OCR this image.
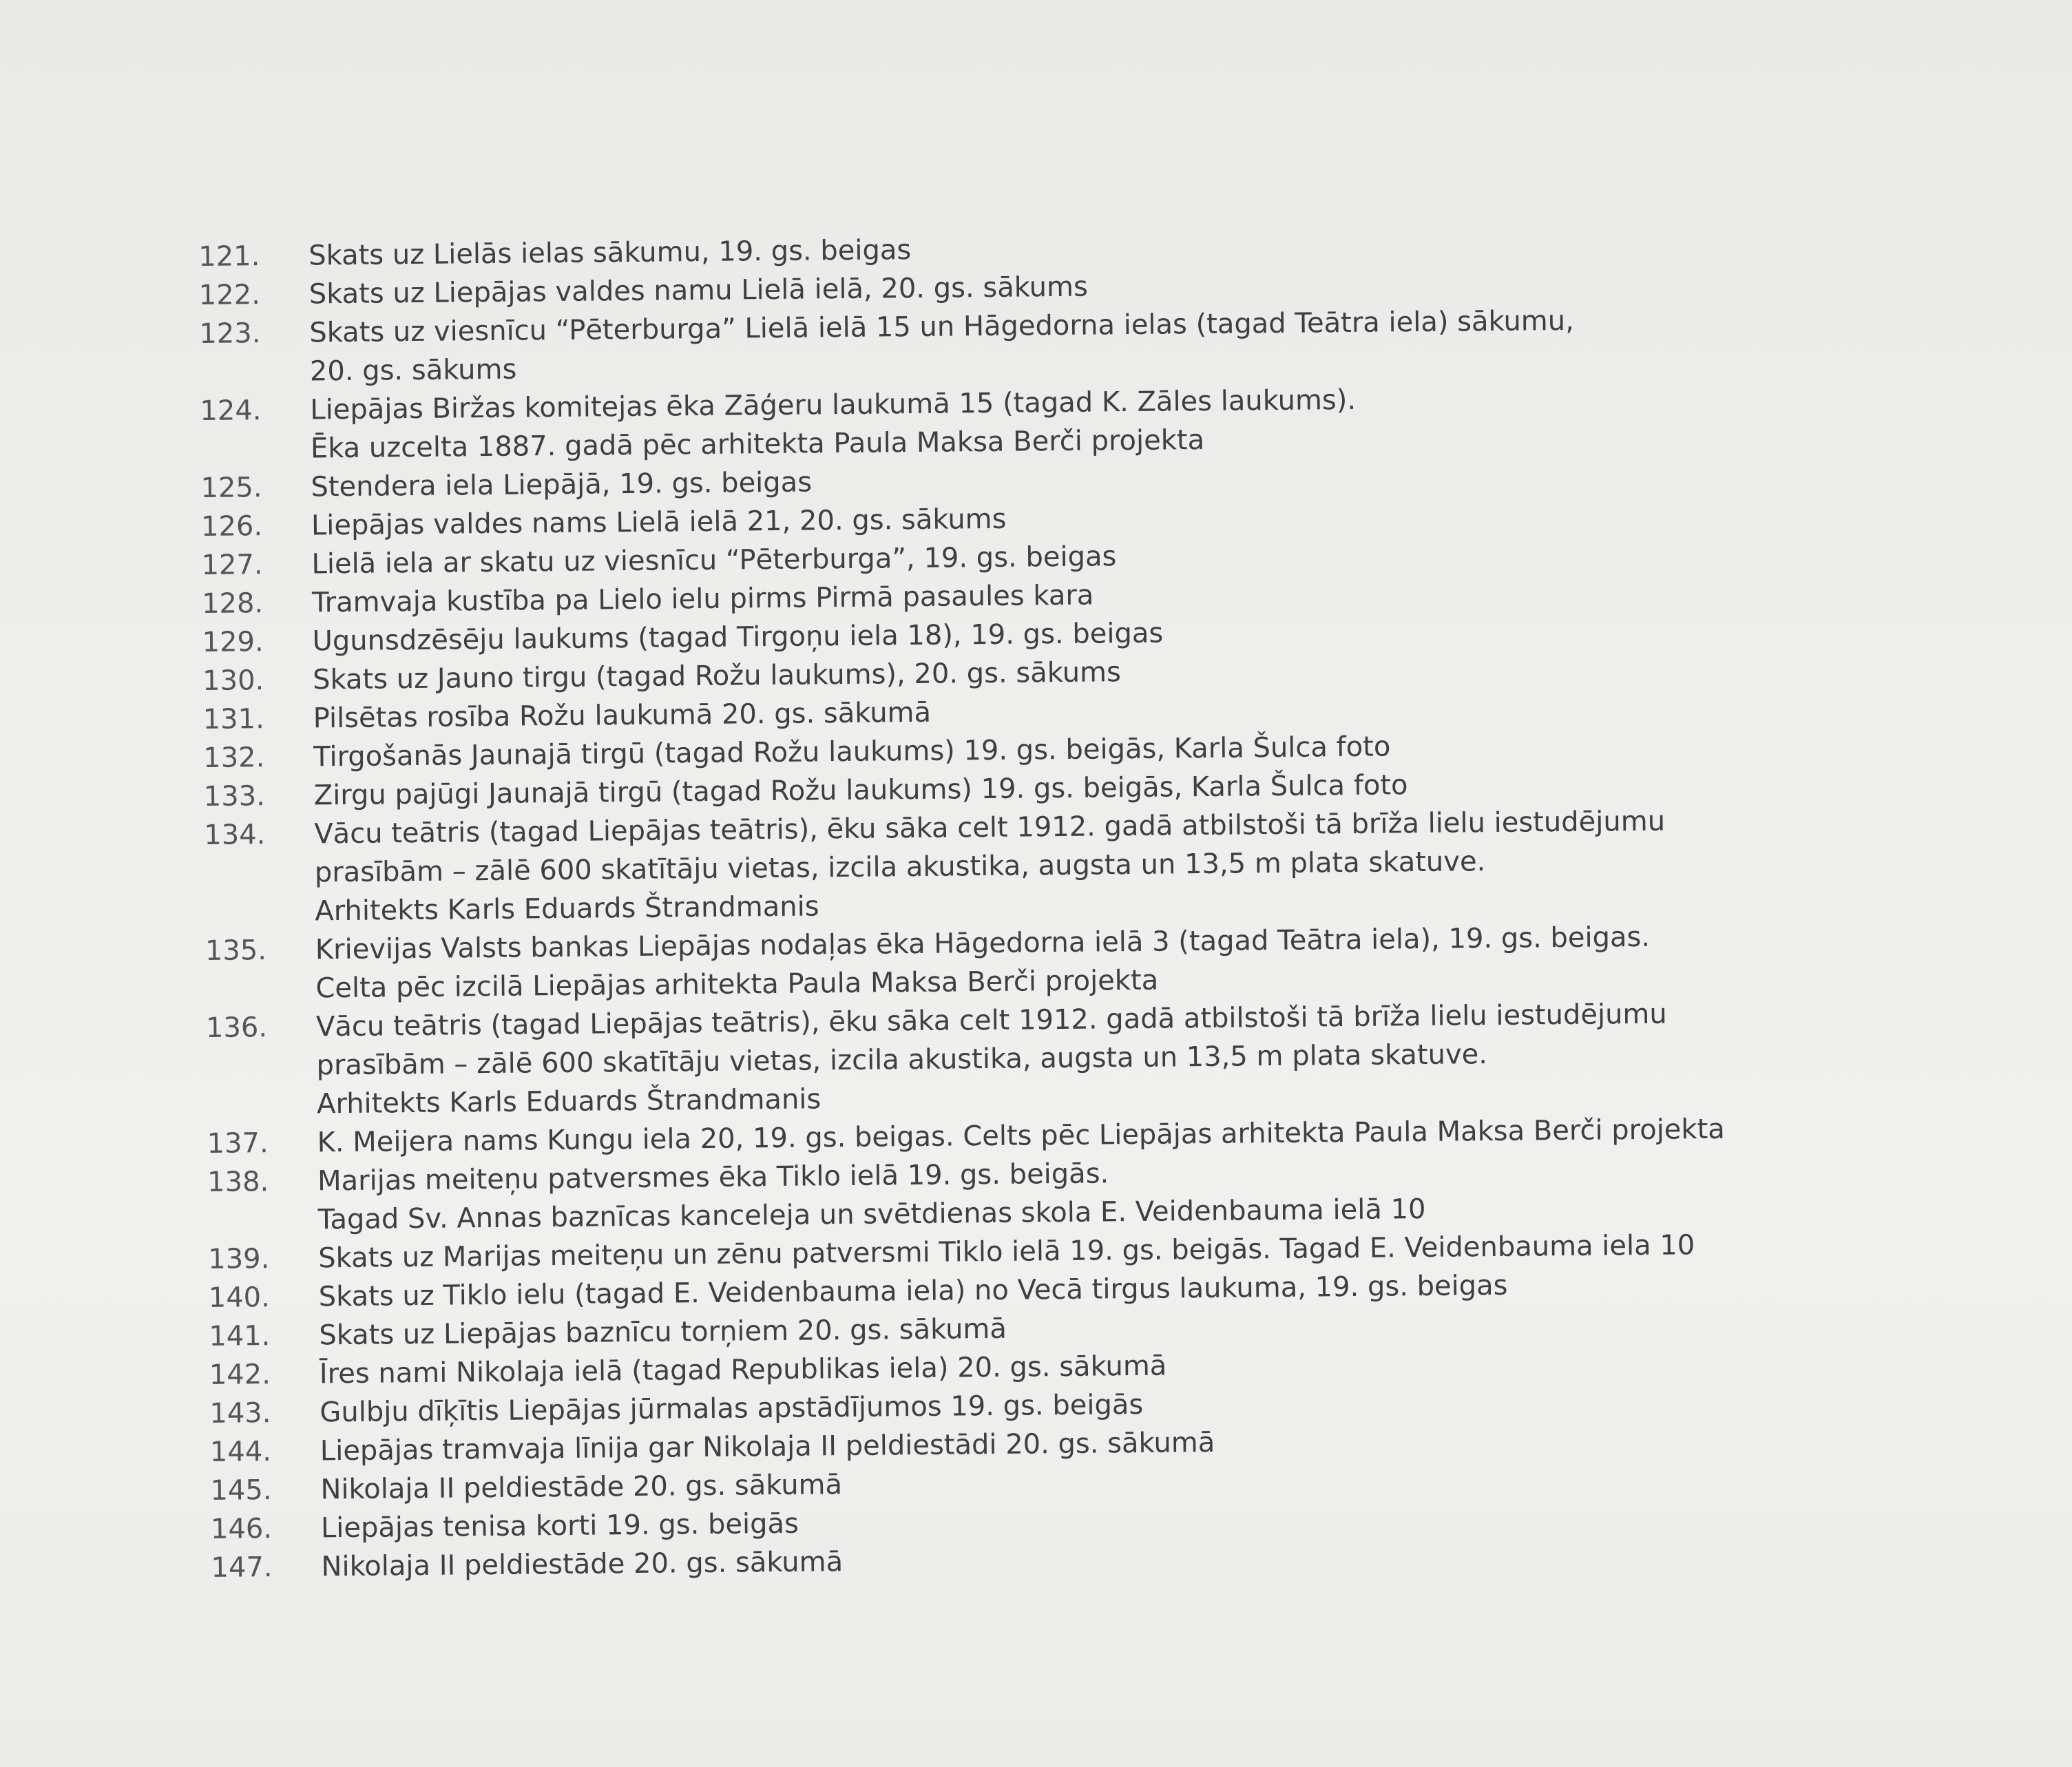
121.	Skats uz Lielās ielas sākumu, 19. gs. beigas
122.	Skats uz Liepājas valdes namu Lielā ielā, 20. gs. sākums
123.	Skats uz viesnīcu “Pēterburga” Lielā ielā 15 un Hāgedorna ielas (tagad Teātra iela) sākumu,
20. gs. sākums
124.	Liepājas Biržas komitejas ēka Zāģeru laukumā 15 (tagad K. Zāles laukums).
Ēka uzcelta 1887. gadā pēc arhitekta Paula Maksa Berči projekta
125.	Stendera iela Liepājā, 19. gs. beigas
126.	Liepājas valdes nams Lielā ielā 21, 20. gs. sākums
127.	Lielā iela ar skatu uz viesnīcu “Pēterburga”, 19. gs. beigas
128.	Tramvaja kustība pa Lielo ielu pirms Pirmā pasaules kara
129.	Ugunsdzēsēju laukums (tagad Tirgoņu iela 18), 19. gs. beigas
130.	Skats uz Jauno tirgu (tagad Rožu laukums), 20. gs. sākums
131.	Pilsētas rosība Rožu laukumā 20. gs. sākumā
132.	Tirgošanās Jaunajā tirgū (tagad Rožu laukums) 19. gs. beigās, Karla Šulca foto
133.	Zirgu pajūgi Jaunajā tirgū (tagad Rožu laukums) 19. gs. beigās, Karla Šulca foto
134.	Vācu teātris (tagad Liepājas teātris), ēku sāka celt 1912. gadā atbilstoši tā brīža lielu iestudējumu
prasībām – zālē 600 skatītāju vietas, izcila akustika, augsta un 13,5 m plata skatuve.
Arhitekts Karls Eduards Štrandmanis
135.	Krievijas Valsts bankas Liepājas nodaļas ēka Hāgedorna ielā 3 (tagad Teātra iela), 19. gs. beigas.
Celta pēc izcilā Liepājas arhitekta Paula Maksa Berči projekta
136.	Vācu teātris (tagad Liepājas teātris), ēku sāka celt 1912. gadā atbilstoši tā brīža lielu iestudējumu
prasībām – zālē 600 skatītāju vietas, izcila akustika, augsta un 13,5 m plata skatuve.
Arhitekts Karls Eduards Štrandmanis
137.	K. Meijera nams Kungu iela 20, 19. gs. beigas. Celts pēc Liepājas arhitekta Paula Maksa Berči projekta
138.	Marijas meiteņu patversmes ēka Tiklo ielā 19. gs. beigās.
Tagad Sv. Annas baznīcas kanceleja un svētdienas skola E. Veidenbauma ielā 10
139.	Skats uz Marijas meiteņu un zēnu patversmi Tiklo ielā 19. gs. beigās. Tagad E. Veidenbauma iela 10
140.	Skats uz Tiklo ielu (tagad E. Veidenbauma iela) no Vecā tirgus laukuma, 19. gs. beigas
141.	Skats uz Liepājas baznīcu torņiem 20. gs. sākumā
142.	Īres nami Nikolaja ielā (tagad Republikas iela) 20. gs. sākumā
143.	Gulbju dīķītis Liepājas jūrmalas apstādījumos 19. gs. beigās
144.	Liepājas tramvaja līnija gar Nikolaja II peldiestādi 20. gs. sākumā
145.	Nikolaja II peldiestāde 20. gs. sākumā
146.	Liepājas tenisa korti 19. gs. beigās
147.	Nikolaja II peldiestāde 20. gs. sākumā
